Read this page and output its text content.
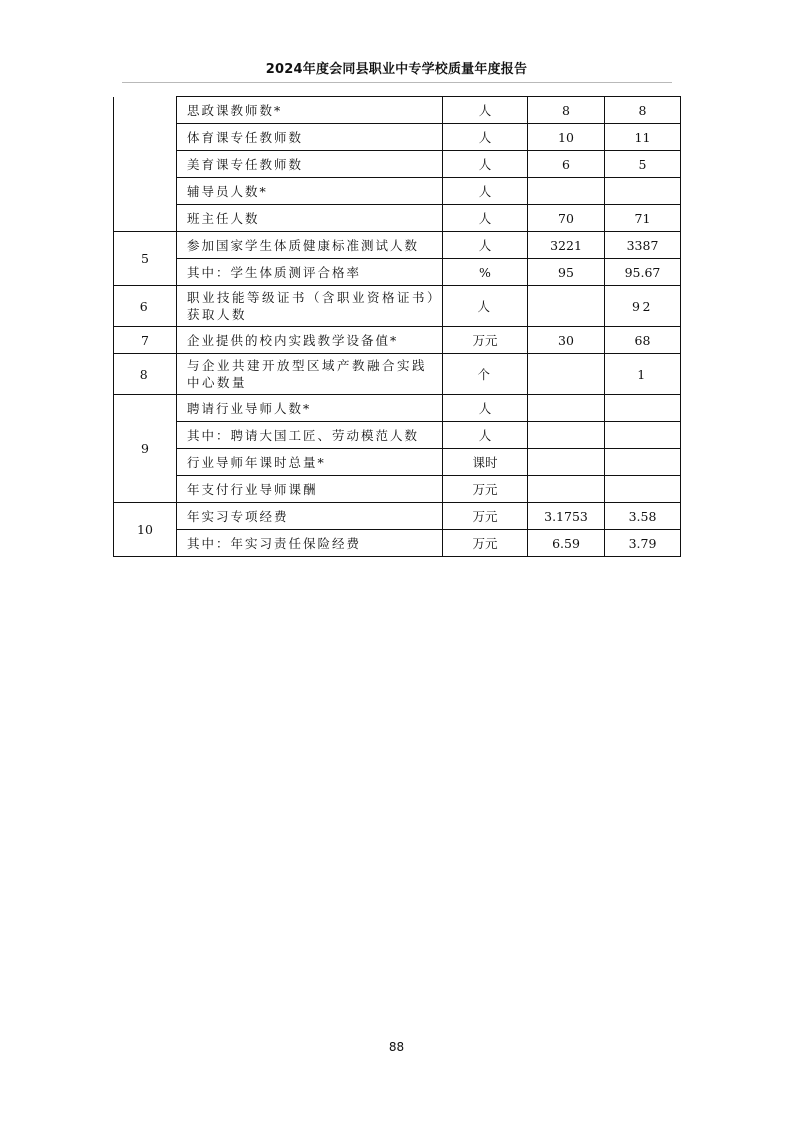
2024年度会同县职业中专学校质量年度报告
	思政课教师数*	人	8	8
	体育课专任教师数	人	10	11
	美育课专任教师数	人	6	5
	辅导员人数*	人		
	班主任人数	人	70	71
5	参加国家学生体质健康标准测试人数	人	3221	3387
	其中：学生体质测评合格率	%	95	95.67
6	职业技能等级证书（含职业资格证书）获取人数	人		92
7	企业提供的校内实践教学设备值*	万元	30	68
8	与企业共建开放型区域产教融合实践中心数量	个		1
9	聘请行业导师人数*	人		
	其中：聘请大国工匠、劳动模范人数	人		
	行业导师年课时总量*	课时		
	年支付行业导师课酬	万元		
10	年实习专项经费	万元	3.1753	3.58
	其中：年实习责任保险经费	万元	6.59	3.79
88
